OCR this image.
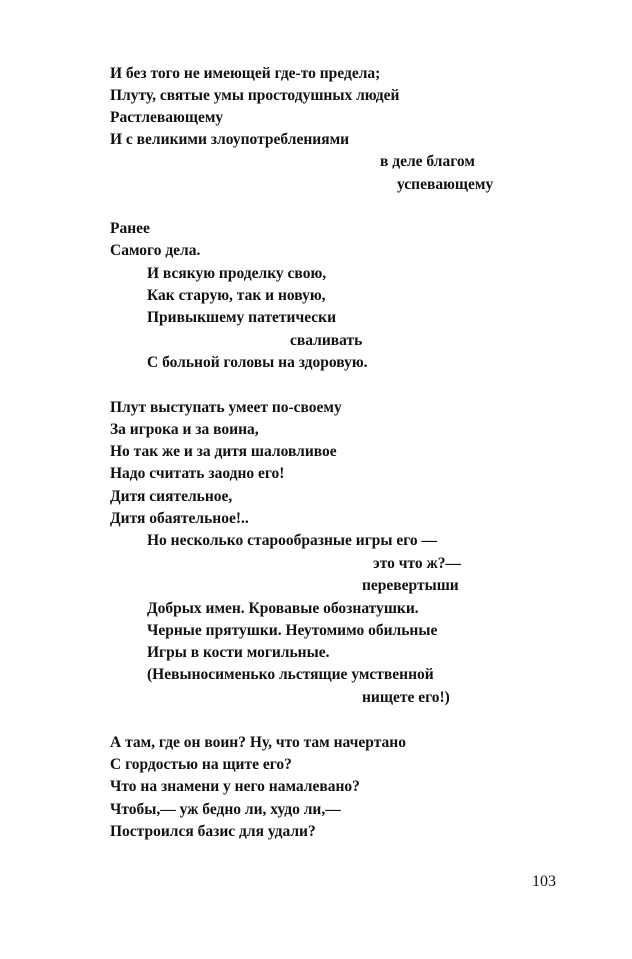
И без того не имеющей где-то предела;
Плуту, святые умы простодушных людей
Растлевающему
И с великими злоупотреблениями
в деле благом
успевающему
Ранее
Самого дела.
И всякую проделку свою,
Как старую, так и новую,
Привыкшему патетически
сваливать
С больной головы на здоровую.
Плут выступать умеет по-своему
За игрока и за воина,
Но так же и за дитя шаловливое
Надо считать заодно его!
Дитя сиятельное,
Дитя обаятельное!..
Но несколько старообразные игры его —
это что ж?—
перевертыши
Добрых имен. Кровавые обознатушки.
Черные прятушки. Неутомимо обильные
Игры в кости могильные.
(Невыносименько льстящие умственной
нищете его!)
А там, где он воин? Ну, что там начертано
С гордостью на щите его?
Что на знамени у него намалевано?
Чтобы,— уж бедно ли, худо ли,—
Построился базис для удали?
103
